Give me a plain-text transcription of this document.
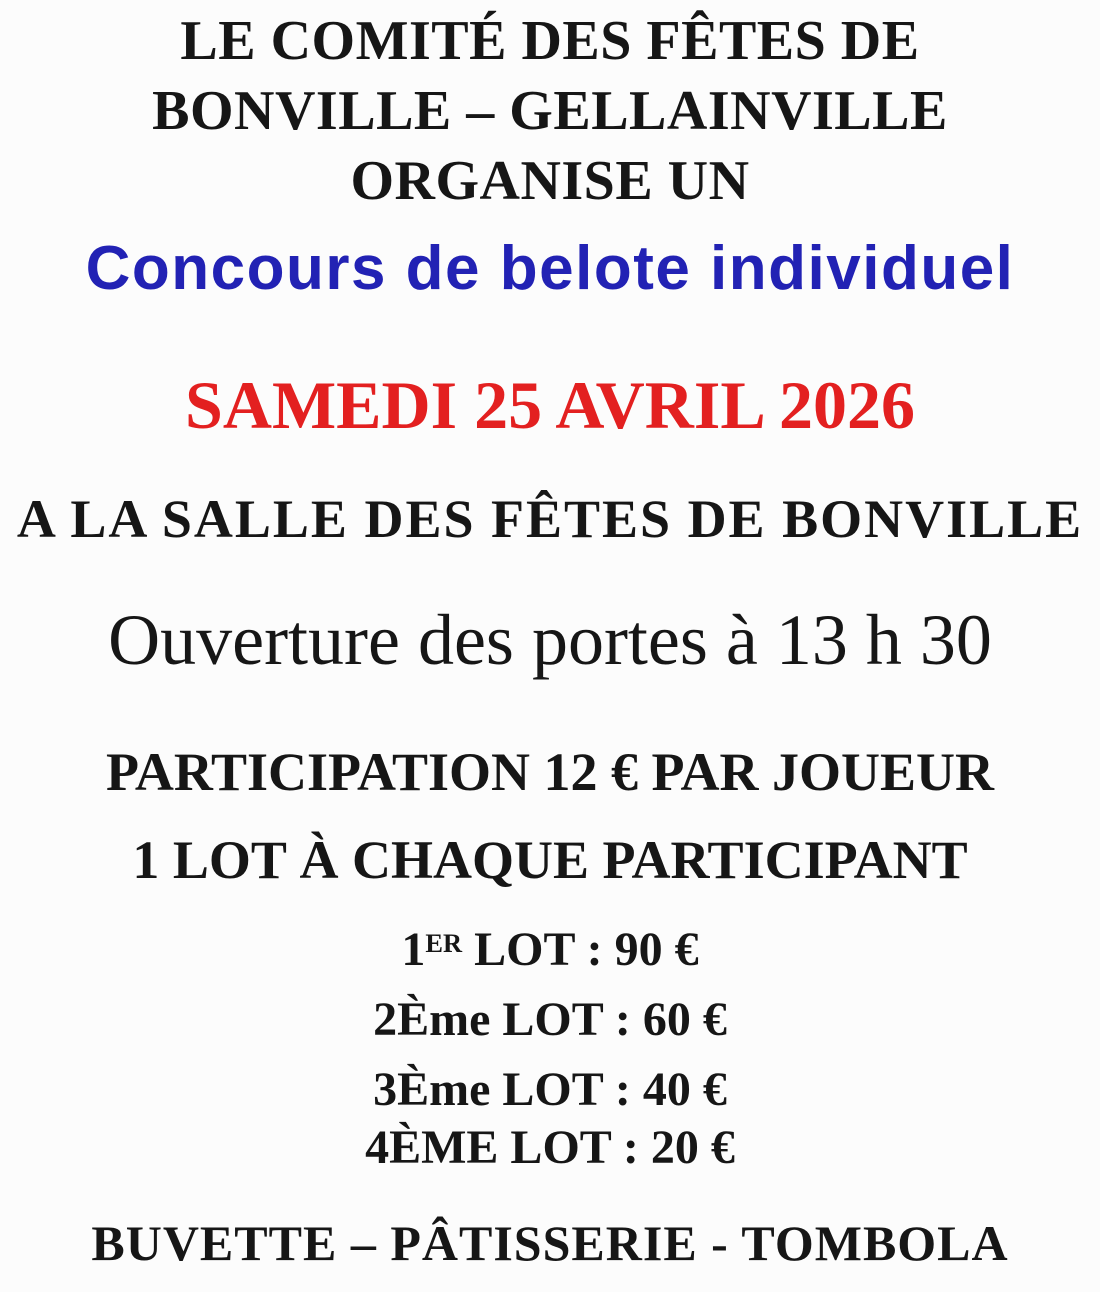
LE COMITÉ DES FÊTES DE
BONVILLE – GELLAINVILLE
ORGANISE UN
Concours de belote individuel
SAMEDI 25 AVRIL 2026
A LA SALLE DES FÊTES DE BONVILLE
Ouverture des portes à 13 h 30
PARTICIPATION 12 € PAR JOUEUR
1 LOT À CHAQUE PARTICIPANT
1ER LOT : 90 €
2Ème LOT : 60 €
3Ème LOT : 40 €
4ÈME LOT : 20 €
BUVETTE – PÂTISSERIE - TOMBOLA
